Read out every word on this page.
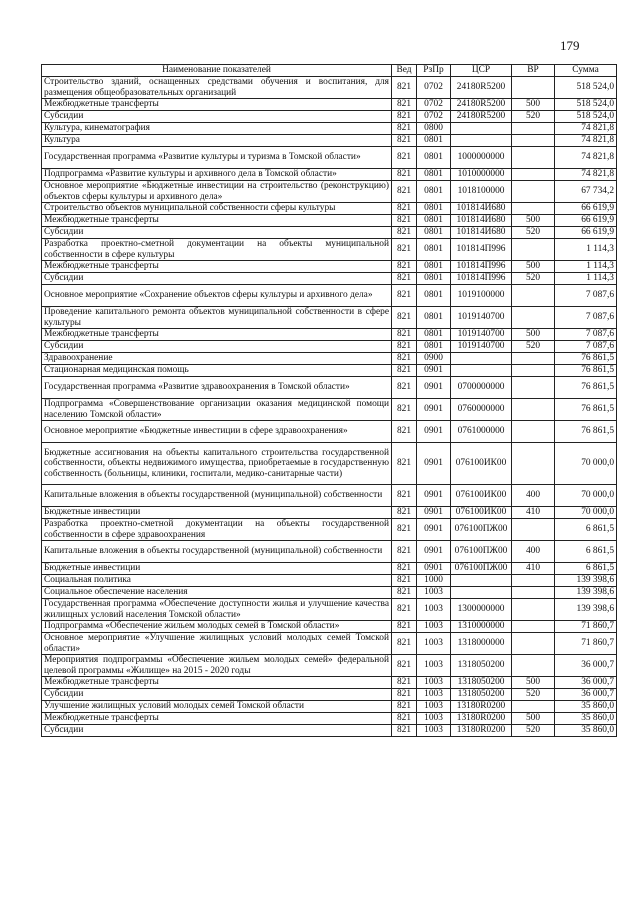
179
Наименование показателей	Вед	РзПр	ЦСР	ВР	Сумма
Строительство зданий, оснащенных средствами обучения и воспитания, для размещения общеобразовательных организаций	821	0702	24180R5200		518 524,0
Межбюджетные трансферты	821	0702	24180R5200	500	518 524,0
Субсидии	821	0702	24180R5200	520	518 524,0
Культура, кинематография	821	0800			74 821,8
Культура	821	0801			74 821,8
Государственная программа «Развитие культуры и туризма в Томской области»	821	0801	1000000000		74 821,8
Подпрограмма «Развитие культуры и архивного дела в Томской области»	821	0801	1010000000		74 821,8
Основное мероприятие «Бюджетные инвестиции на строительство (реконструкцию) объектов сферы культуры и архивного дела»	821	0801	1018100000		67 734,2
Строительство объектов муниципальной собственности сферы культуры	821	0801	101814И680		66 619,9
Межбюджетные трансферты	821	0801	101814И680	500	66 619,9
Субсидии	821	0801	101814И680	520	66 619,9
Разработка проектно-сметной документации на объекты муниципальной собственности в сфере культуры	821	0801	101814П996		1 114,3
Межбюджетные трансферты	821	0801	101814П996	500	1 114,3
Субсидии	821	0801	101814П996	520	1 114,3
Основное мероприятие «Сохранение объектов сферы культуры и архивного дела»	821	0801	1019100000		7 087,6
Проведение капитального ремонта объектов муниципальной собственности в сфере культуры	821	0801	1019140700		7 087,6
Межбюджетные трансферты	821	0801	1019140700	500	7 087,6
Субсидии	821	0801	1019140700	520	7 087,6
Здравоохранение	821	0900			76 861,5
Стационарная медицинская помощь	821	0901			76 861,5
Государственная программа «Развитие здравоохранения в Томской области»	821	0901	0700000000		76 861,5
Подпрограмма «Совершенствование организации оказания медицинской помощи населению Томской области»	821	0901	0760000000		76 861,5
Основное мероприятие «Бюджетные инвестиции в сфере здравоохранения»	821	0901	0761000000		76 861,5
Бюджетные ассигнования на объекты капитального строительства государственной собственности, объекты недвижимого имущества, приобретаемые в государственную собственность (больницы, клиники, госпитали, медико-санитарные части)	821	0901	076100ИК00		70 000,0
Капитальные вложения в объекты государственной (муниципальной) собственности	821	0901	076100ИК00	400	70 000,0
Бюджетные инвестиции	821	0901	076100ИК00	410	70 000,0
Разработка проектно-сметной документации на объекты государственной собственности в сфере здравоохранения	821	0901	076100ПЖ00		6 861,5
Капитальные вложения в объекты государственной (муниципальной) собственности	821	0901	076100ПЖ00	400	6 861,5
Бюджетные инвестиции	821	0901	076100ПЖ00	410	6 861,5
Социальная политика	821	1000			139 398,6
Социальное обеспечение населения	821	1003			139 398,6
Государственная программа «Обеспечение доступности жилья и улучшение качества жилищных условий населения Томской области»	821	1003	1300000000		139 398,6
Подпрограмма «Обеспечение жильем молодых семей в Томской области»	821	1003	1310000000		71 860,7
Основное мероприятие «Улучшение жилищных условий молодых семей Томской области»	821	1003	1318000000		71 860,7
Мероприятия подпрограммы «Обеспечение жильем молодых семей» федеральной целевой программы «Жилище» на 2015 - 2020 годы	821	1003	1318050200		36 000,7
Межбюджетные трансферты	821	1003	1318050200	500	36 000,7
Субсидии	821	1003	1318050200	520	36 000,7
Улучшение жилищных условий молодых семей Томской области	821	1003	13180R0200		35 860,0
Межбюджетные трансферты	821	1003	13180R0200	500	35 860,0
Субсидии	821	1003	13180R0200	520	35 860,0
